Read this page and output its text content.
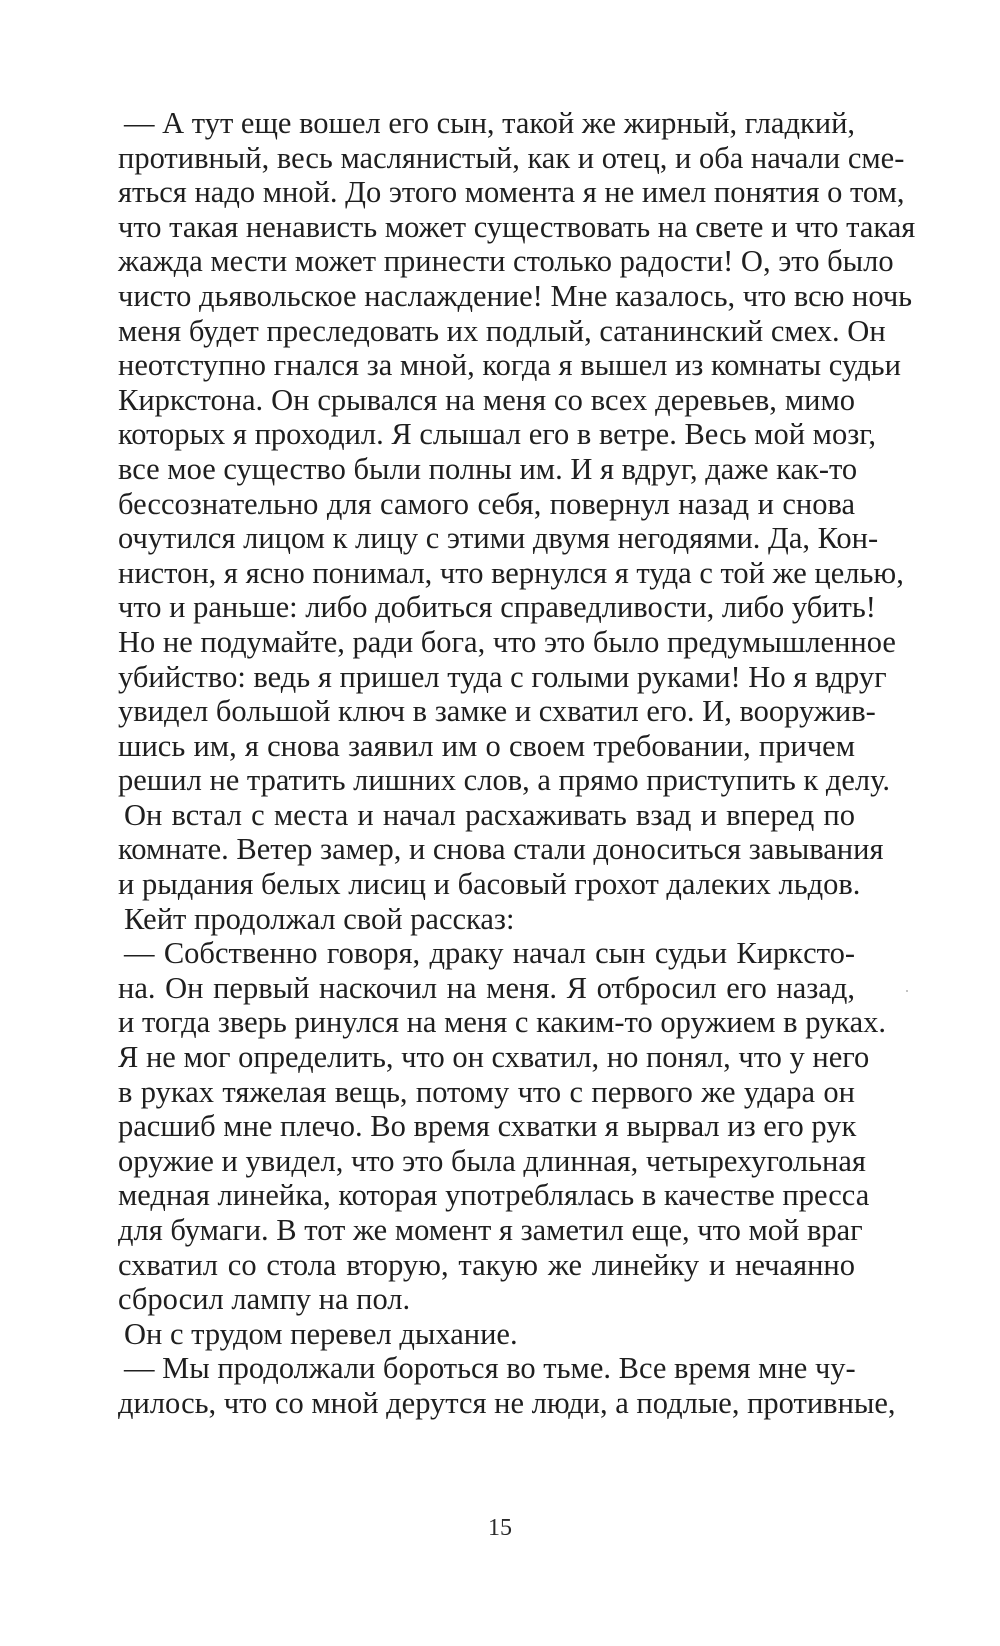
— А тут еще вошел его сын, такой же жирный, гладкий,
противный, весь маслянистый, как и отец, и оба начали сме-
яться надо мной. До этого момента я не имел понятия о том,
что такая ненависть может существовать на свете и что такая
жажда мести может принести столько радости! О, это было
чисто дьявольское наслаждение! Мне казалось, что всю ночь
меня будет преследовать их подлый, сатанинский смех. Он
неотступно гнался за мной, когда я вышел из комнаты судьи
Киркстона. Он срывался на меня со всех деревьев, мимо
которых я проходил. Я слышал его в ветре. Весь мой мозг,
все мое существо были полны им. И я вдруг, даже как-то
бессознательно для самого себя, повернул назад и снова
очутился лицом к лицу с этими двумя негодяями. Да, Кон-
нистон, я ясно понимал, что вернулся я туда с той же целью,
что и раньше: либо добиться справедливости, либо убить!
Но не подумайте, ради бога, что это было предумышленное
убийство: ведь я пришел туда с голыми руками! Но я вдруг
увидел большой ключ в замке и схватил его. И, вооружив-
шись им, я снова заявил им о своем требовании, причем
решил не тратить лишних слов, а прямо приступить к делу.
Он встал с места и начал расхаживать взад и вперед по
комнате. Ветер замер, и снова стали доноситься завывания
и рыдания белых лисиц и басовый грохот далеких льдов.
Кейт продолжал свой рассказ:
— Собственно говоря, драку начал сын судьи Киркcто-
на. Он первый наскочил на меня. Я отбросил его назад,
и тогда зверь ринулся на меня с каким-то оружием в руках.
Я не мог определить, что он схватил, но понял, что у него
в руках тяжелая вещь, потому что с первого же удара он
расшиб мне плечо. Во время схватки я вырвал из его рук
оружие и увидел, что это была длинная, четырехугольная
медная линейка, которая употреблялась в качестве пресса
для бумаги. В тот же момент я заметил еще, что мой враг
схватил со стола вторую, такую же линейку и нечаянно
сбросил лампу на пол.
Он с трудом перевел дыхание.
— Мы продолжали бороться во тьме. Все время мне чу-
дилось, что со мной дерутся не люди, а подлые, противные,
15
